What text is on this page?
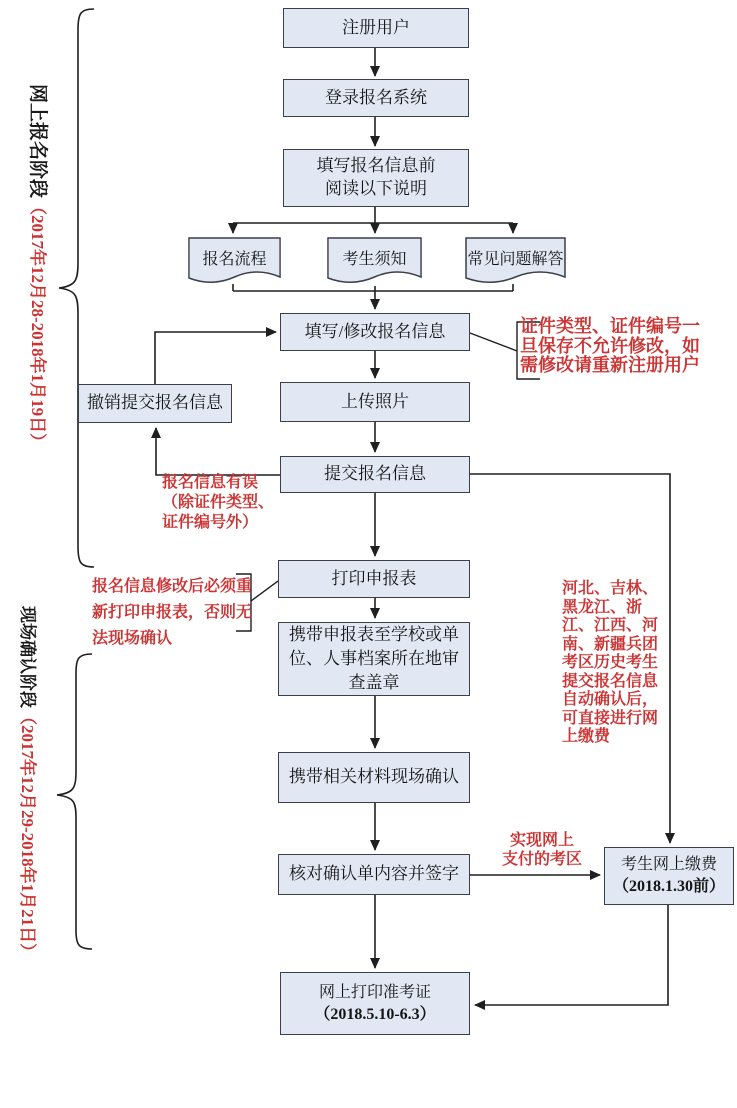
网上报名阶段（2017年12月28-2018年1月19日）
现场确认阶段（2017年12月29-2018年1月21日）
注册用户
登录报名系统
填写报名信息前
阅读以下说明
报名流程	考生须知	常见问题解答
填写/修改报名信息
上传照片
撤销提交报名信息
提交报名信息
打印申报表
携带申报表至学校或单位、人事档案所在地审查盖章
携带相关材料现场确认
核对确认单内容并签字	考生网上缴费
（2018.1.30前）
网上打印准考证
（2018.5.10-6.3）
证件类型、证件编号一旦保存不允许修改，如需修改请重新注册用户
报名信息有误
（除证件类型、
证件编号外）
报名信息修改后必须重新打印申报表，否则无法现场确认
河北、吉林、黑龙江、浙江、江西、河南、新疆兵团考区历史考生提交报名信息自动确认后，可直接进行网上缴费
实现网上
支付的考区
